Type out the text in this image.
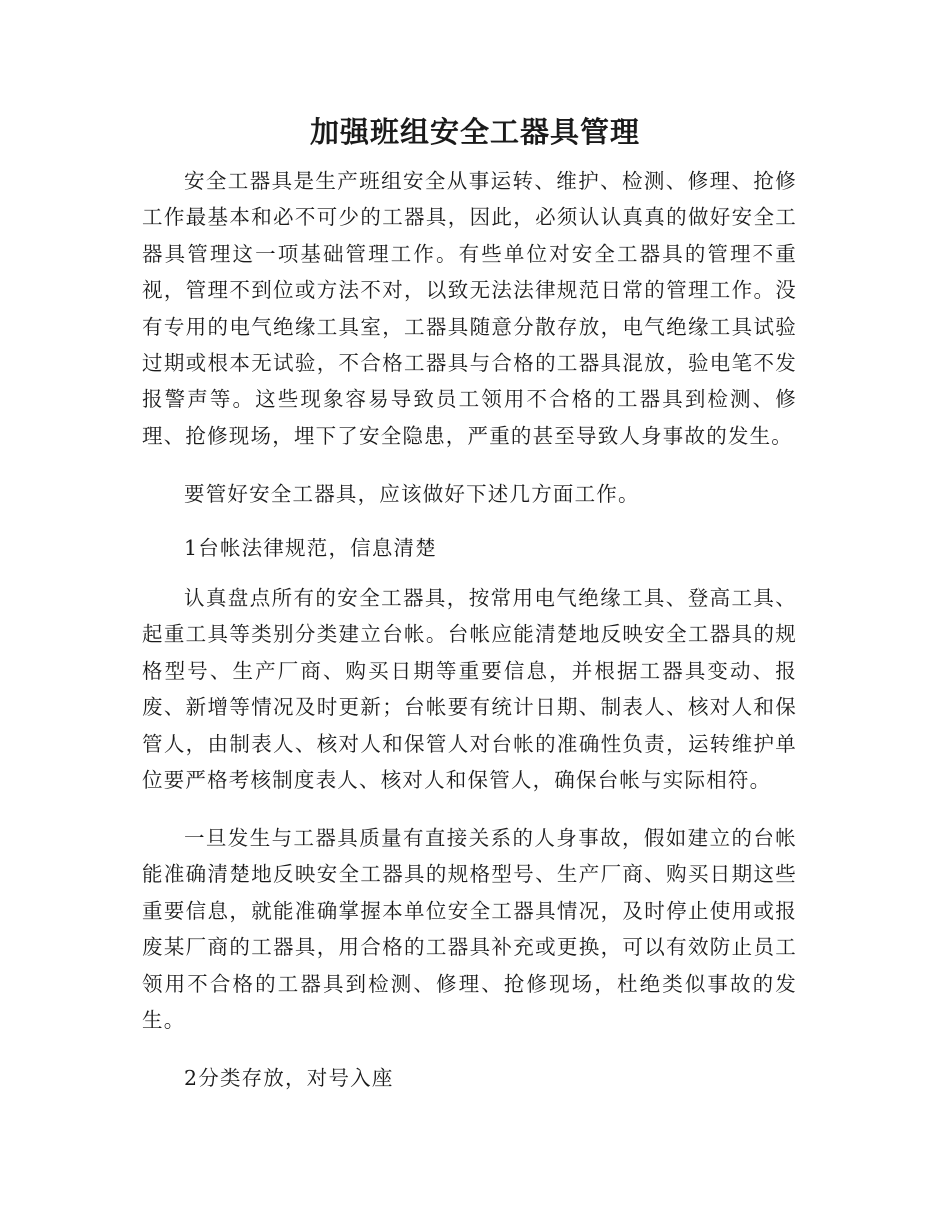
加强班组安全工器具管理

安全工器具是生产班组安全从事运转、维护、检测、修理、抢修工作最基本和必不可少的工器具，因此，必须认认真真的做好安全工器具管理这一项基础管理工作。有些单位对安全工器具的管理不重视，管理不到位或方法不对，以致无法法律规范日常的管理工作。没有专用的电气绝缘工具室，工器具随意分散存放，电气绝缘工具试验过期或根本无试验，不合格工器具与合格的工器具混放，验电笔不发报警声等。这些现象容易导致员工领用不合格的工器具到检测、修理、抢修现场，埋下了安全隐患，严重的甚至导致人身事故的发生。

要管好安全工器具，应该做好下述几方面工作。

1台帐法律规范，信息清楚

认真盘点所有的安全工器具，按常用电气绝缘工具、登高工具、起重工具等类别分类建立台帐。台帐应能清楚地反映安全工器具的规格型号、生产厂商、购买日期等重要信息，并根据工器具变动、报废、新增等情况及时更新；台帐要有统计日期、制表人、核对人和保管人，由制表人、核对人和保管人对台帐的准确性负责，运转维护单位要严格考核制度表人、核对人和保管人，确保台帐与实际相符。

一旦发生与工器具质量有直接关系的人身事故，假如建立的台帐能准确清楚地反映安全工器具的规格型号、生产厂商、购买日期这些重要信息，就能准确掌握本单位安全工器具情况，及时停止使用或报废某厂商的工器具，用合格的工器具补充或更换，可以有效防止员工领用不合格的工器具到检测、修理、抢修现场，杜绝类似事故的发生。

2分类存放，对号入座
